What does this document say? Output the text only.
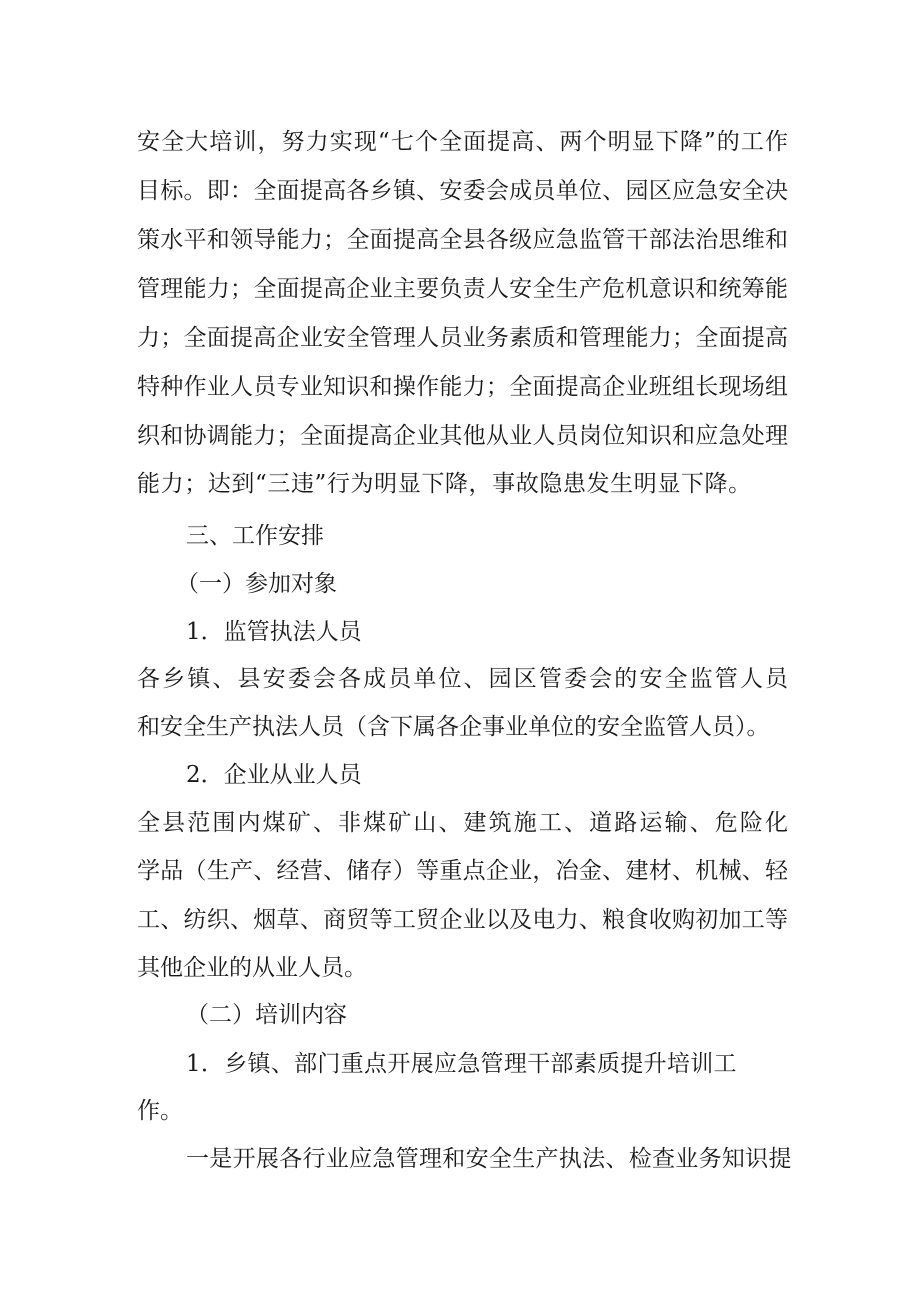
安全大培训，努力实现“七个全面提高、两个明显下降”的工作
目标。即：全面提高各乡镇、安委会成员单位、园区应急安全决
策水平和领导能力；全面提高全县各级应急监管干部法治思维和
管理能力；全面提高企业主要负责人安全生产危机意识和统筹能
力；全面提高企业安全管理人员业务素质和管理能力；全面提高
特种作业人员专业知识和操作能力；全面提高企业班组长现场组
织和协调能力；全面提高企业其他从业人员岗位知识和应急处理
能力；达到“三违”行为明显下降，事故隐患发生明显下降。
三、工作安排
（一）参加对象
1．监管执法人员
各乡镇、县安委会各成员单位、园区管委会的安全监管人员
和安全生产执法人员（含下属各企事业单位的安全监管人员）。
2．企业从业人员
全县范围内煤矿、非煤矿山、建筑施工、道路运输、危险化
学品（生产、经营、储存）等重点企业，冶金、建材、机械、轻
工、纺织、烟草、商贸等工贸企业以及电力、粮食收购初加工等
其他企业的从业人员。
（二）培训内容
1．乡镇、部门重点开展应急管理干部素质提升培训工
作。
一是开展各行业应急管理和安全生产执法、检查业务知识提
